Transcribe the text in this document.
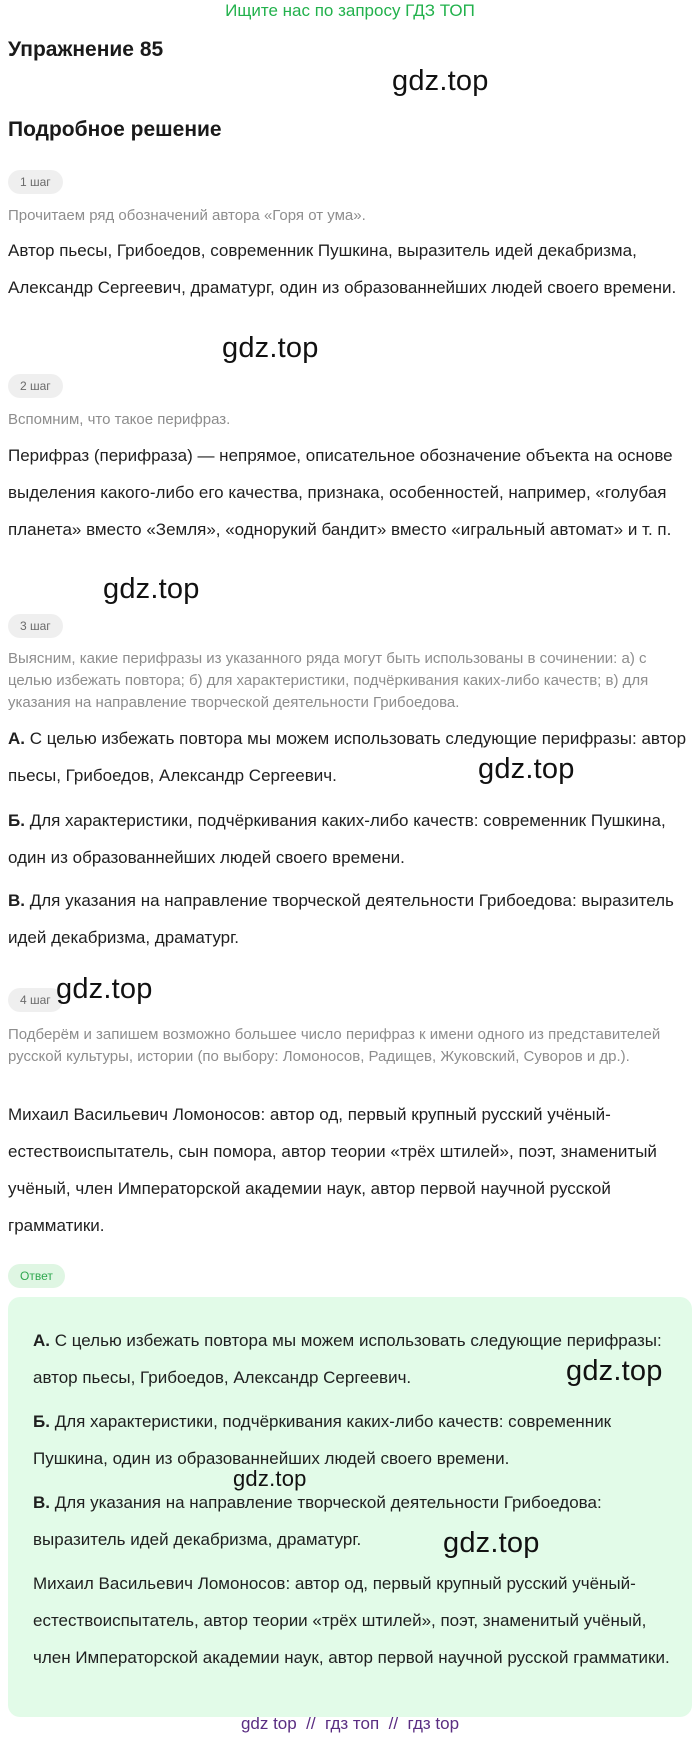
Ищите нас по запросу ГДЗ ТОП
Упражнение 85
gdz.top
Подробное решение
1 шаг
Прочитаем ряд обозначений автора «Горя от ума».
Автор пьесы, Грибоедов, современник Пушкина, выразитель идей декабризма, Александр Сергеевич, драматург, один из образованнейших людей своего времени.
gdz.top
2 шаг
Вспомним, что такое перифраз.
Перифраз (перифраза) — непрямое, описательное обозначение объекта на основе выделения какого-либо его качества, признака, особенностей, например, «голубая планета» вместо «Земля», «однорукий бандит» вместо «игральный автомат» и т. п.
gdz.top
3 шаг
Выясним, какие перифразы из указанного ряда могут быть использованы в сочинении: а) с целью избежать повтора; б) для характеристики, подчёркивания каких-либо качеств; в) для указания на направление творческой деятельности Грибоедова.
А. С целью избежать повтора мы можем использовать следующие перифразы: автор пьесы, Грибоедов, Александр Сергеевич.	gdz.top
Б. Для характеристики, подчёркивания каких-либо качеств: современник Пушкина, один из образованнейших людей своего времени.
В. Для указания на направление творческой деятельности Грибоедова: выразитель идей декабризма, драматург.
4 шаг gdz.top
Подберём и запишем возможно большее число перифраз к имени одного из представителей русской культуры, истории (по выбору: Ломоносов, Радищев, Жуковский, Суворов и др.).
Михаил Васильевич Ломоносов: автор од, первый крупный русский учёный-естествоиспытатель, сын помора, автор теории «трёх штилей», поэт, знаменитый учёный, член Императорской академии наук, автор первой научной русской грамматики.
Ответ
А. С целью избежать повтора мы можем использовать следующие перифразы: автор пьесы, Грибоедов, Александр Сергеевич.	gdz.top
Б. Для характеристики, подчёркивания каких-либо качеств: современник Пушкина, один из образованнейших людей своего времени.
gdz.top
В. Для указания на направление творческой деятельности Грибоедова: выразитель идей декабризма, драматург.	gdz.top
Михаил Васильевич Ломоносов: автор од, первый крупный русский учёный-естествоиспытатель, автор теории «трёх штилей», поэт, знаменитый учёный, член Императорской академии наук, автор первой научной русской грамматики.
gdz top  //  гдз топ  //  гдз top
